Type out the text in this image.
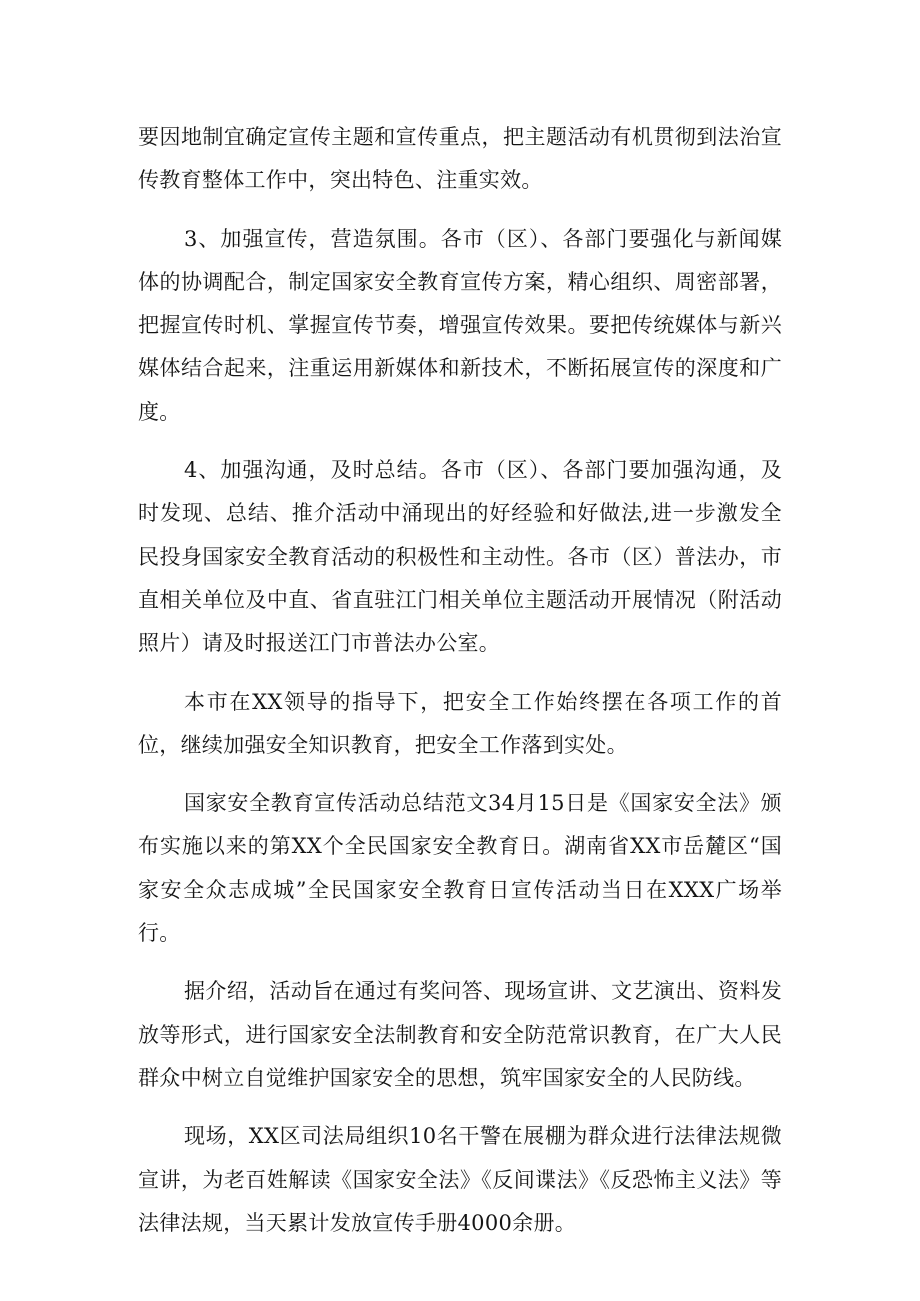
要因地制宜确定宣传主题和宣传重点，把主题活动有机贯彻到法治宣传教育整体工作中，突出特色、注重实效。

3、加强宣传，营造氛围。各市（区）、各部门要强化与新闻媒体的协调配合，制定国家安全教育宣传方案，精心组织、周密部署，把握宣传时机、掌握宣传节奏，增强宣传效果。要把传统媒体与新兴媒体结合起来，注重运用新媒体和新技术，不断拓展宣传的深度和广度。

4、加强沟通，及时总结。各市（区）、各部门要加强沟通，及时发现、总结、推介活动中涌现出的好经验和好做法,进一步激发全民投身国家安全教育活动的积极性和主动性。各市（区）普法办，市直相关单位及中直、省直驻江门相关单位主题活动开展情况（附活动照片）请及时报送江门市普法办公室。

本市在XX领导的指导下，把安全工作始终摆在各项工作的首位，继续加强安全知识教育，把安全工作落到实处。

国家安全教育宣传活动总结范文34月15日是《国家安全法》颁布实施以来的第XX个全民国家安全教育日。湖南省XX市岳麓区“国家安全众志成城”全民国家安全教育日宣传活动当日在XXX广场举行。

据介绍，活动旨在通过有奖问答、现场宣讲、文艺演出、资料发放等形式，进行国家安全法制教育和安全防范常识教育，在广大人民群众中树立自觉维护国家安全的思想，筑牢国家安全的人民防线。

现场，XX区司法局组织10名干警在展棚为群众进行法律法规微宣讲，为老百姓解读《国家安全法》《反间谍法》《反恐怖主义法》等法律法规，当天累计发放宣传手册4000余册。
